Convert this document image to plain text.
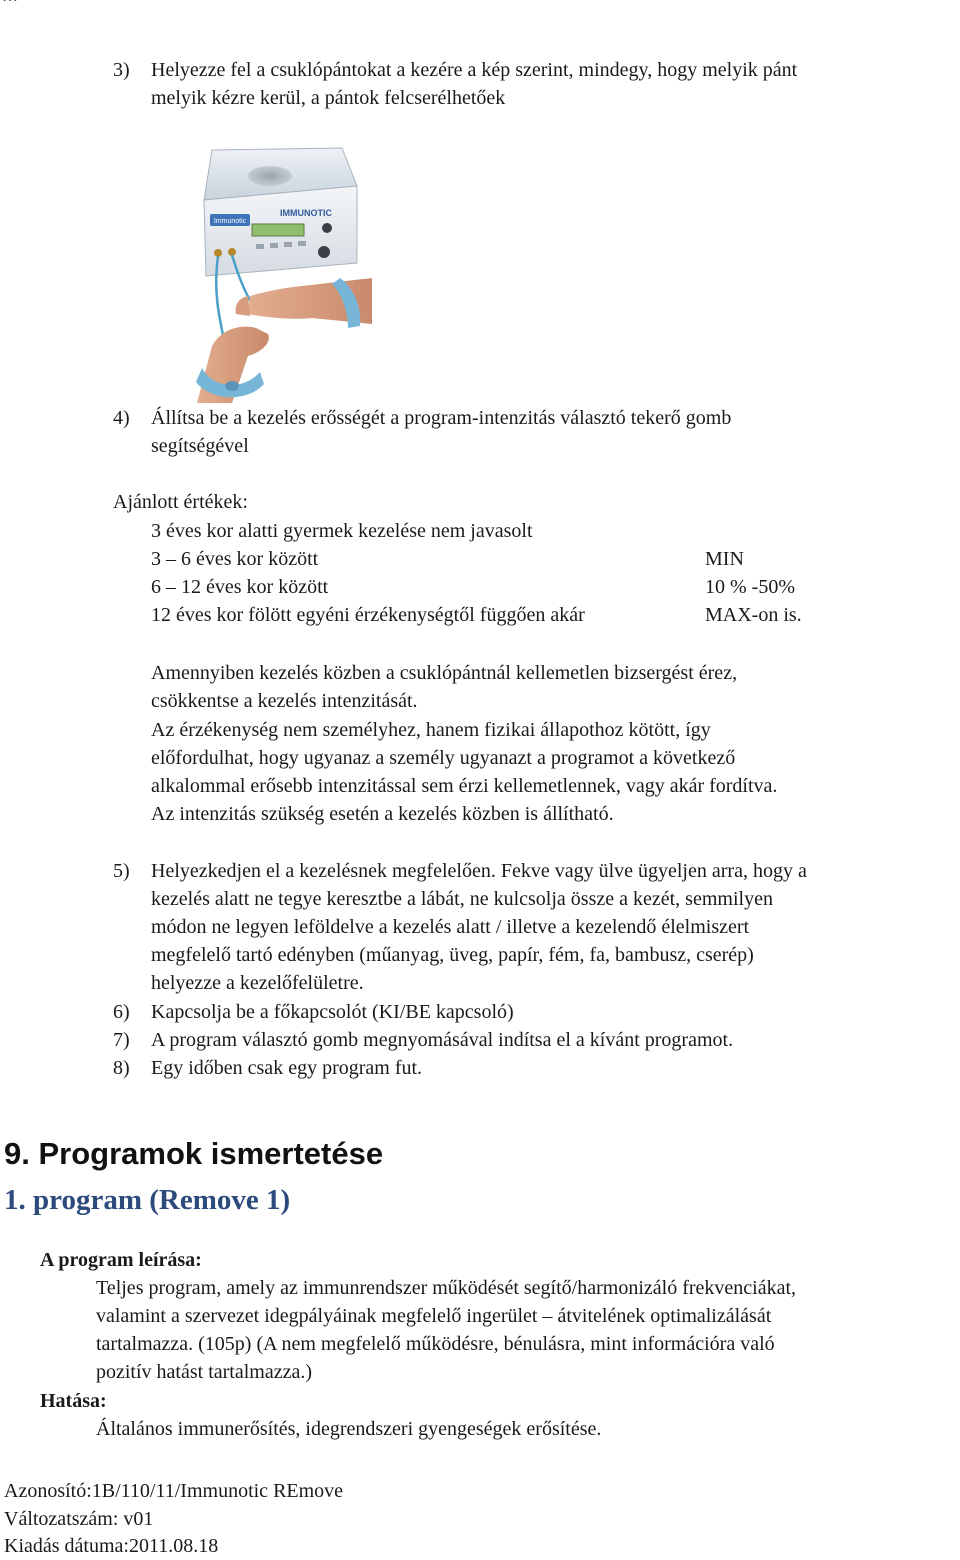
3) Helyezze fel a csuklópántokat a kezére a kép szerint, mindegy, hogy melyik pánt
melyik kézre kerül, a pántok felcserélhetőek
Immunotic
IMMUNOTIC
4) Állítsa be a kezelés erősségét a program-intenzitás választó tekerő gomb
segítségével
Ajánlott értékek:
3 éves kor alatti gyermek kezelése nem javasolt
3 – 6 éves kor között	MIN
6 – 12 éves kor között	10 % -50%
12 éves kor fölött egyéni érzékenységtől függően akár	MAX-on is.
Amennyiben kezelés közben a csuklópántnál kellemetlen bizsergést érez,
csökkentse a kezelés intenzitását.
Az érzékenység nem személyhez, hanem fizikai állapothoz kötött, így
előfordulhat, hogy ugyanaz a személy ugyanazt a programot a következő
alkalommal erősebb intenzitással sem érzi kellemetlennek, vagy akár fordítva.
Az intenzitás szükség esetén a kezelés közben is állítható.
5) Helyezkedjen el a kezelésnek megfelelően. Fekve vagy ülve ügyeljen arra, hogy a
kezelés alatt ne tegye keresztbe a lábát, ne kulcsolja össze a kezét, semmilyen
módon ne legyen leföldelve a kezelés alatt / illetve a kezelendő élelmiszert
megfelelő tartó edényben (műanyag, üveg, papír, fém, fa, bambusz, cserép)
helyezze a kezelőfelületre.
6) Kapcsolja be a főkapcsolót (KI/BE kapcsoló)
7) A program választó gomb megnyomásával indítsa el a kívánt programot.
8) Egy időben csak egy program fut.
9. Programok ismertetése
1. program (Remove 1)
A program leírása:
Teljes program, amely az immunrendszer működését segítő/harmonizáló frekvenciákat,
valamint a szervezet idegpályáinak megfelelő ingerület – átvitelének optimalizálását
tartalmazza. (105p) (A nem megfelelő működésre, bénulásra, mint információra való
pozitív hatást tartalmazza.)
Hatása:
Általános immunerősítés, idegrendszeri gyengeségek erősítése.
Azonosító:1B/110/11/Immunotic REmove
Változatszám: v01
Kiadás dátuma:2011.08.18
